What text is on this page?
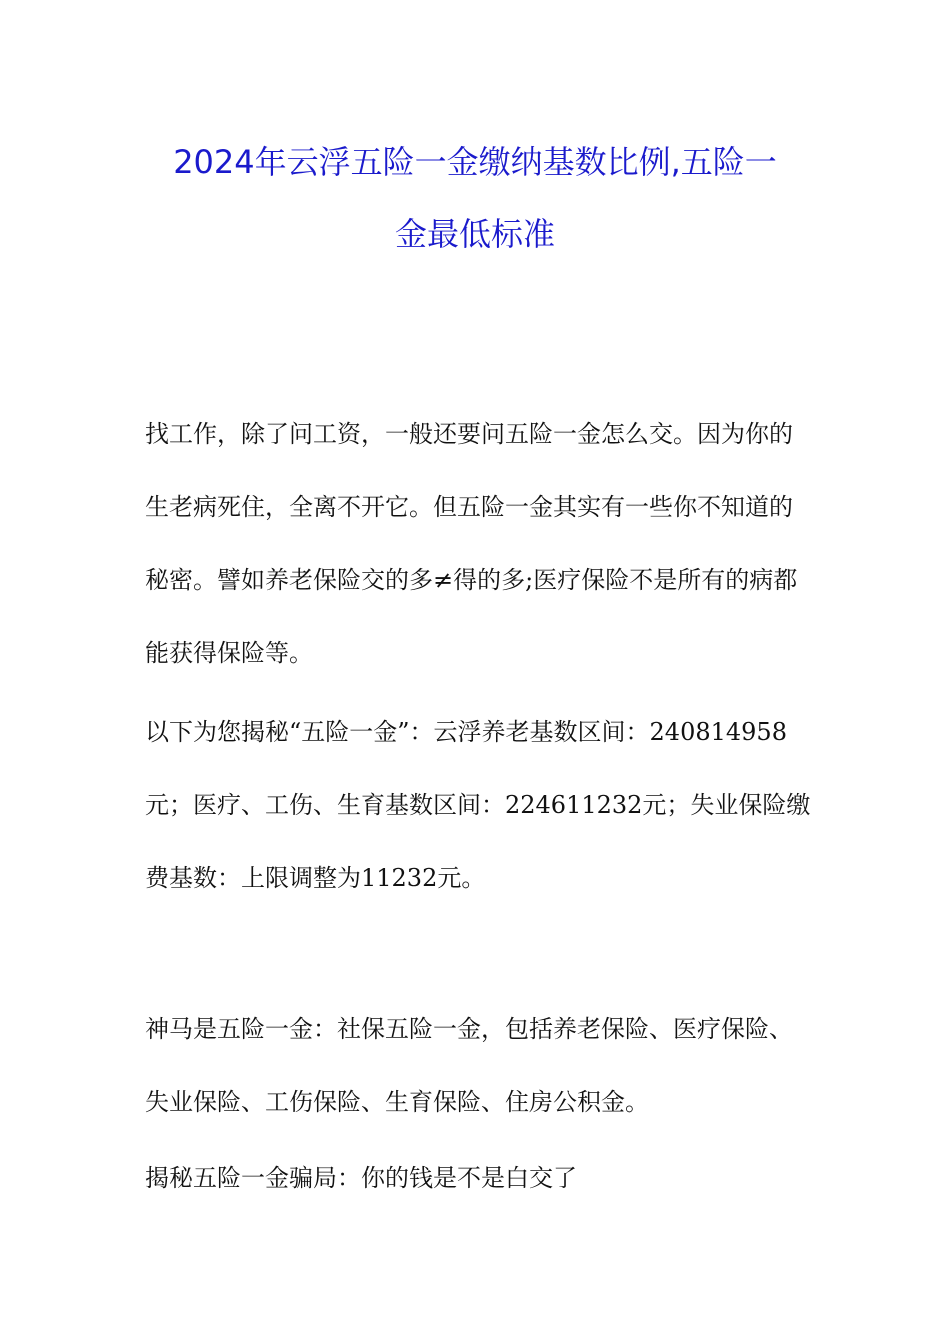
2024年云浮五险一金缴纳基数比例,五险一
金最低标准

找工作，除了问工资，一般还要问五险一金怎么交。因为你的
生老病死住，全离不开它。但五险一金其实有一些你不知道的
秘密。譬如养老保险交的多≠得的多;医疗保险不是所有的病都
能获得保险等。

以下为您揭秘“五险一金”：云浮养老基数区间：240814958
元；医疗、工伤、生育基数区间：224611232元；失业保险缴
费基数：上限调整为11232元。

神马是五险一金：社保五险一金，包括养老保险、医疗保险、
失业保险、工伤保险、生育保险、住房公积金。

揭秘五险一金骗局：你的钱是不是白交了
